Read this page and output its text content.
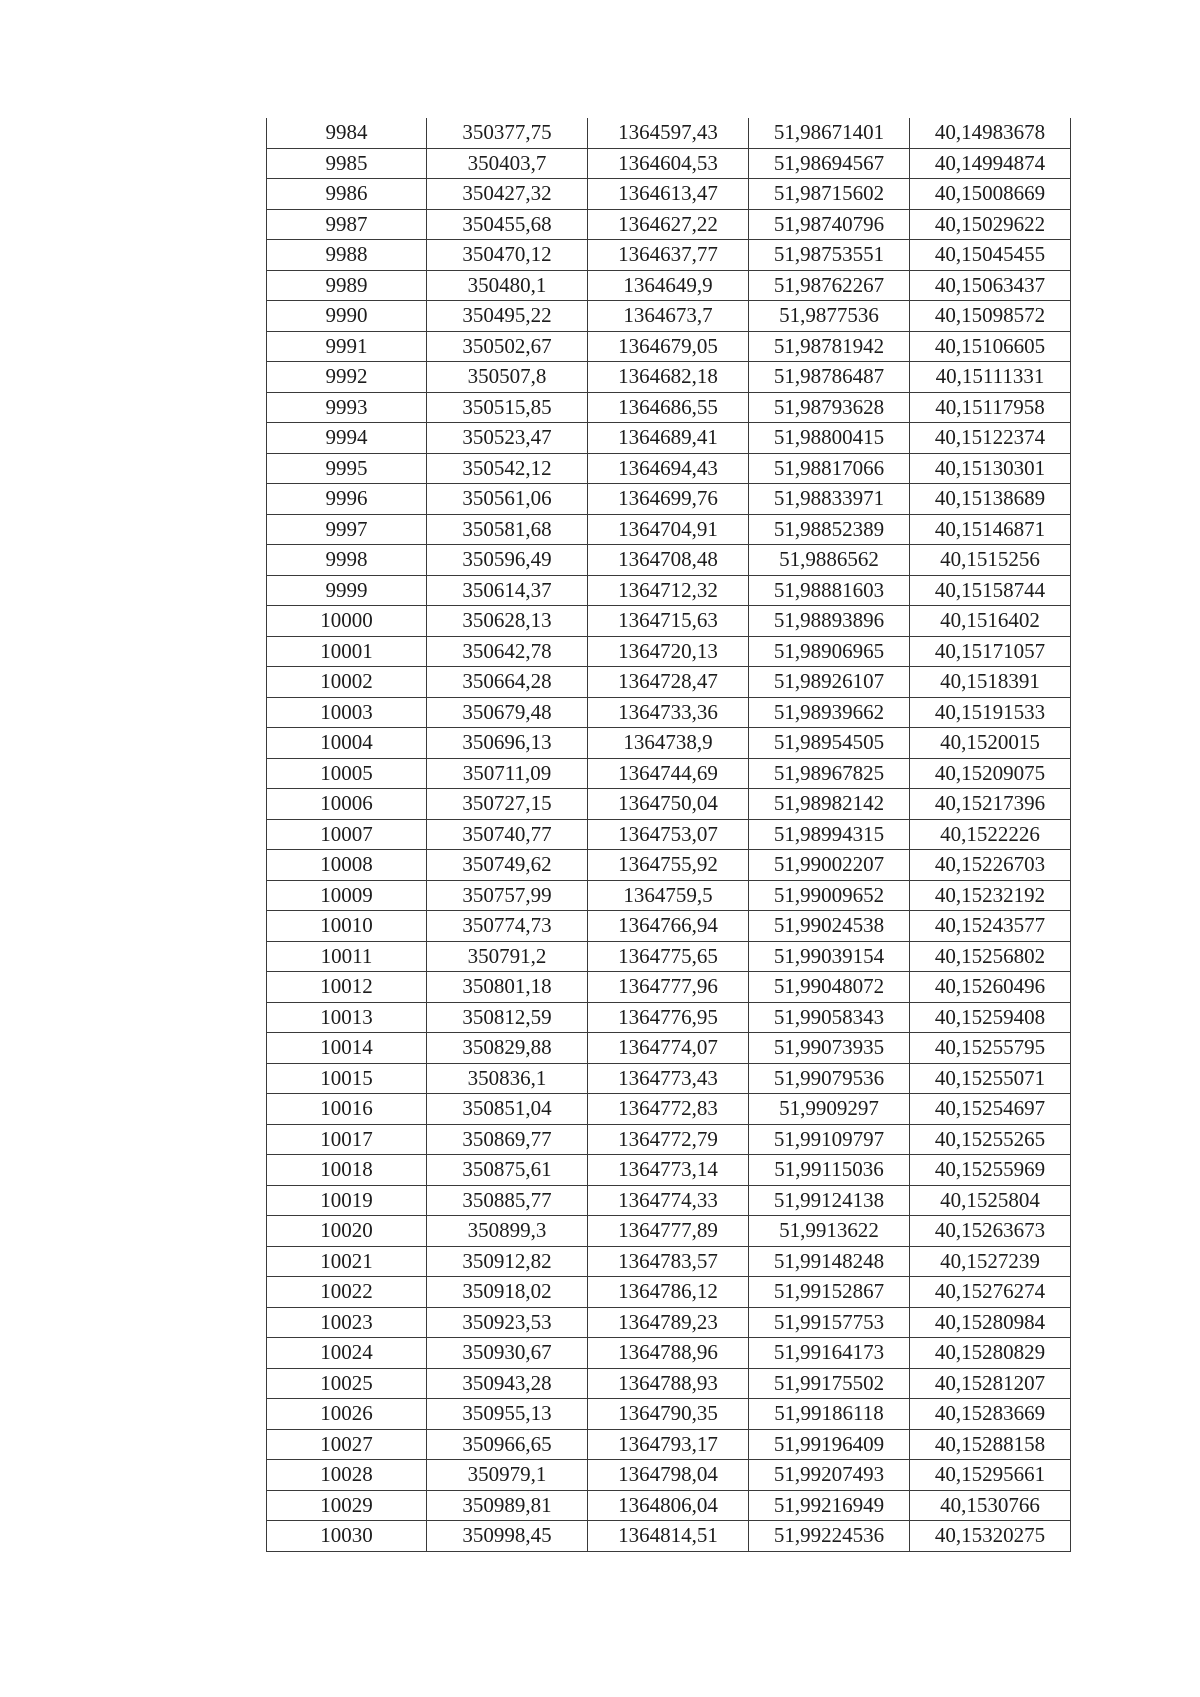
9984	350377,75	1364597,43	51,98671401	40,14983678
9985	350403,7	1364604,53	51,98694567	40,14994874
9986	350427,32	1364613,47	51,98715602	40,15008669
9987	350455,68	1364627,22	51,98740796	40,15029622
9988	350470,12	1364637,77	51,98753551	40,15045455
9989	350480,1	1364649,9	51,98762267	40,15063437
9990	350495,22	1364673,7	51,9877536	40,15098572
9991	350502,67	1364679,05	51,98781942	40,15106605
9992	350507,8	1364682,18	51,98786487	40,15111331
9993	350515,85	1364686,55	51,98793628	40,15117958
9994	350523,47	1364689,41	51,98800415	40,15122374
9995	350542,12	1364694,43	51,98817066	40,15130301
9996	350561,06	1364699,76	51,98833971	40,15138689
9997	350581,68	1364704,91	51,98852389	40,15146871
9998	350596,49	1364708,48	51,9886562	40,1515256
9999	350614,37	1364712,32	51,98881603	40,15158744
10000	350628,13	1364715,63	51,98893896	40,1516402
10001	350642,78	1364720,13	51,98906965	40,15171057
10002	350664,28	1364728,47	51,98926107	40,1518391
10003	350679,48	1364733,36	51,98939662	40,15191533
10004	350696,13	1364738,9	51,98954505	40,1520015
10005	350711,09	1364744,69	51,98967825	40,15209075
10006	350727,15	1364750,04	51,98982142	40,15217396
10007	350740,77	1364753,07	51,98994315	40,1522226
10008	350749,62	1364755,92	51,99002207	40,15226703
10009	350757,99	1364759,5	51,99009652	40,15232192
10010	350774,73	1364766,94	51,99024538	40,15243577
10011	350791,2	1364775,65	51,99039154	40,15256802
10012	350801,18	1364777,96	51,99048072	40,15260496
10013	350812,59	1364776,95	51,99058343	40,15259408
10014	350829,88	1364774,07	51,99073935	40,15255795
10015	350836,1	1364773,43	51,99079536	40,15255071
10016	350851,04	1364772,83	51,9909297	40,15254697
10017	350869,77	1364772,79	51,99109797	40,15255265
10018	350875,61	1364773,14	51,99115036	40,15255969
10019	350885,77	1364774,33	51,99124138	40,1525804
10020	350899,3	1364777,89	51,9913622	40,15263673
10021	350912,82	1364783,57	51,99148248	40,1527239
10022	350918,02	1364786,12	51,99152867	40,15276274
10023	350923,53	1364789,23	51,99157753	40,15280984
10024	350930,67	1364788,96	51,99164173	40,15280829
10025	350943,28	1364788,93	51,99175502	40,15281207
10026	350955,13	1364790,35	51,99186118	40,15283669
10027	350966,65	1364793,17	51,99196409	40,15288158
10028	350979,1	1364798,04	51,99207493	40,15295661
10029	350989,81	1364806,04	51,99216949	40,1530766
10030	350998,45	1364814,51	51,99224536	40,15320275
